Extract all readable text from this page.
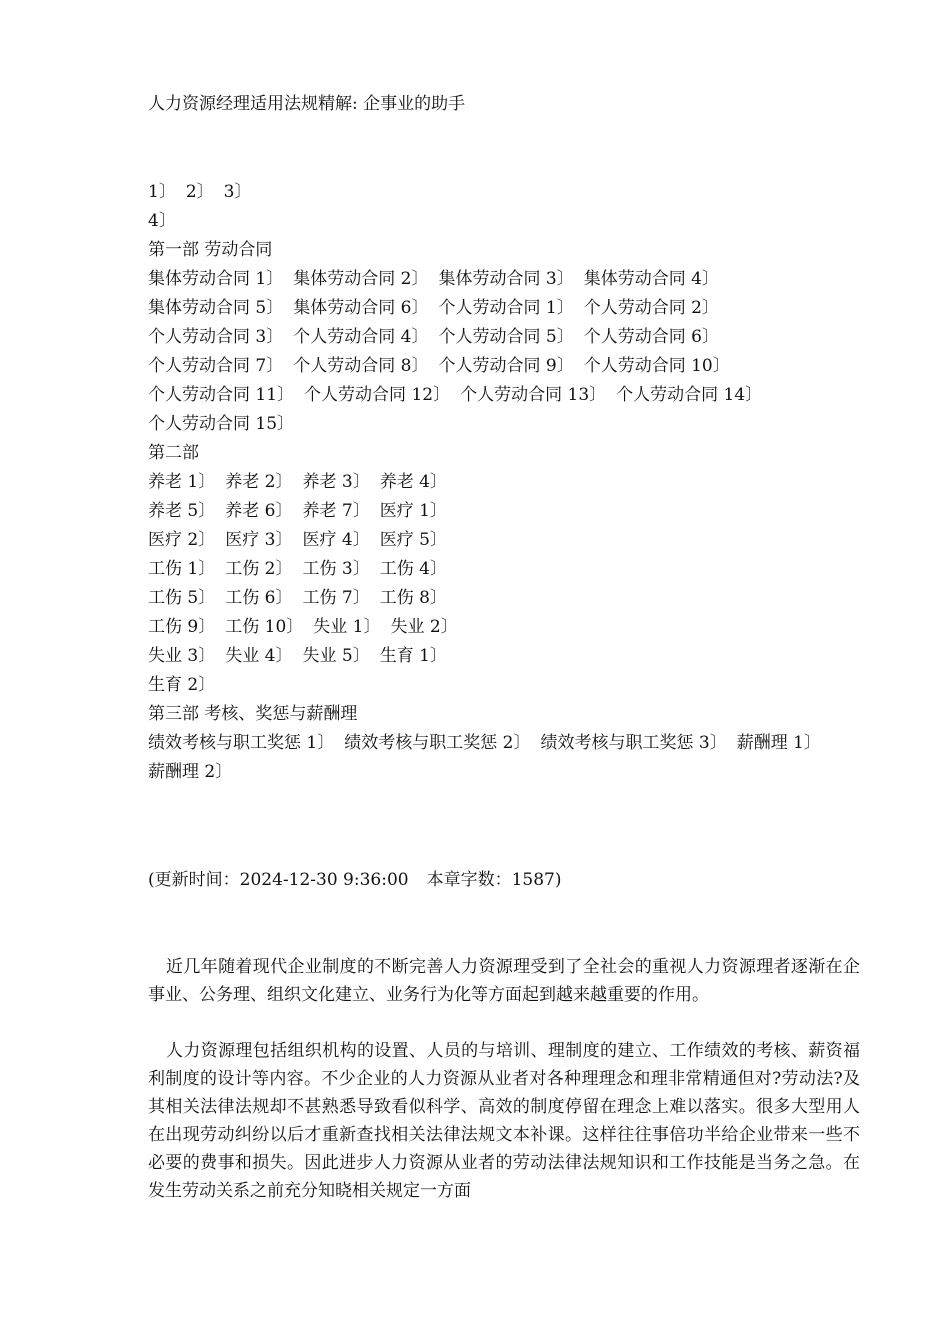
人力资源经理适用法规精解: 企事业的助手
1〕 2〕 3〕
4〕
第一部 劳动合同
集体劳动合同 1〕 集体劳动合同 2〕 集体劳动合同 3〕 集体劳动合同 4〕
集体劳动合同 5〕 集体劳动合同 6〕 个人劳动合同 1〕 个人劳动合同 2〕
个人劳动合同 3〕 个人劳动合同 4〕 个人劳动合同 5〕 个人劳动合同 6〕
个人劳动合同 7〕 个人劳动合同 8〕 个人劳动合同 9〕 个人劳动合同 10〕
个人劳动合同 11〕 个人劳动合同 12〕 个人劳动合同 13〕 个人劳动合同 14〕
个人劳动合同 15〕
第二部
养老 1〕 养老 2〕 养老 3〕 养老 4〕
养老 5〕 养老 6〕 养老 7〕 医疗 1〕
医疗 2〕 医疗 3〕 医疗 4〕 医疗 5〕
工伤 1〕 工伤 2〕 工伤 3〕 工伤 4〕
工伤 5〕 工伤 6〕 工伤 7〕 工伤 8〕
工伤 9〕 工伤 10〕 失业 1〕 失业 2〕
失业 3〕 失业 4〕 失业 5〕 生育 1〕
生育 2〕
第三部 考核、奖惩与薪酬理
绩效考核与职工奖惩 1〕 绩效考核与职工奖惩 2〕 绩效考核与职工奖惩 3〕 薪酬理 1〕
薪酬理 2〕
(更新时间：2024-12-30 9:36:00 本章字数：1587)

近几年随着现代企业制度的不断完善人力资源理受到了全社会的重视人力资源理者逐渐在企事业、公务理、组织文化建立、业务行为化等方面起到越来越重要的作用。

人力资源理包括组织机构的设置、人员的与培训、理制度的建立、工作绩效的考核、薪资福利制度的设计等内容。不少企业的人力资源从业者对各种理理念和理非常精通但对?劳动法?及其相关法律法规却不甚熟悉导致看似科学、高效的制度停留在理念上难以落实。很多大型用人在出现劳动纠纷以后才重新查找相关法律法规文本补课。这样往往事倍功半给企业带来一些不必要的费事和损失。因此进步人力资源从业者的劳动法律法规知识和工作技能是当务之急。在发生劳动关系之前充分知晓相关规定一方面
